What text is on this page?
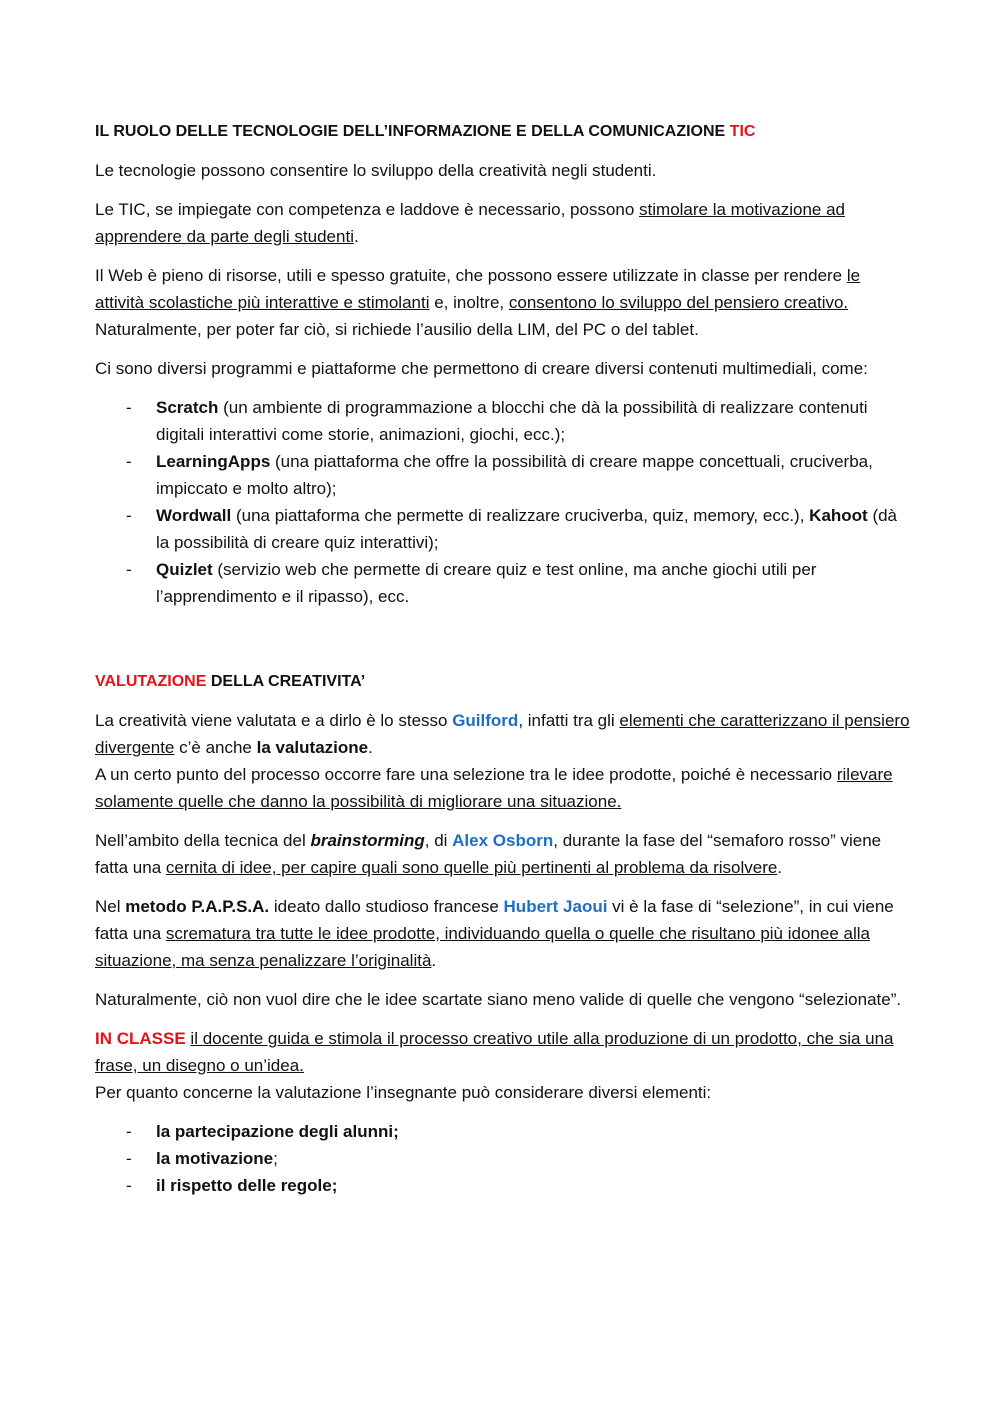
IL RUOLO DELLE TECNOLOGIE DELL’INFORMAZIONE E DELLA COMUNICAZIONE TIC

Le tecnologie possono consentire lo sviluppo della creatività negli studenti.

Le TIC, se impiegate con competenza e laddove è necessario, possono stimolare la motivazione ad apprendere da parte degli studenti.

Il Web è pieno di risorse, utili e spesso gratuite, che possono essere utilizzate in classe per rendere le attività scolastiche più interattive e stimolanti e, inoltre, consentono lo sviluppo del pensiero creativo.
Naturalmente, per poter far ciò, si richiede l’ausilio della LIM, del PC o del tablet.

Ci sono diversi programmi e piattaforme che permettono di creare diversi contenuti multimediali, come:

- Scratch (un ambiente di programmazione a blocchi che dà la possibilità di realizzare contenuti digitali interattivi come storie, animazioni, giochi, ecc.);
- LearningApps (una piattaforma che offre la possibilità di creare mappe concettuali, cruciverba, impiccato e molto altro);
- Wordwall (una piattaforma che permette di realizzare cruciverba, quiz, memory, ecc.), Kahoot (dà la possibilità di creare quiz interattivi);
- Quizlet (servizio web che permette di creare quiz e test online, ma anche giochi utili per l’apprendimento e il ripasso), ecc.

VALUTAZIONE DELLA CREATIVITA’

La creatività viene valutata e a dirlo è lo stesso Guilford, infatti tra gli elementi che caratterizzano il pensiero divergente c’è anche la valutazione.
A un certo punto del processo occorre fare una selezione tra le idee prodotte, poiché è necessario rilevare solamente quelle che danno la possibilità di migliorare una situazione.

Nell’ambito della tecnica del brainstorming, di Alex Osborn, durante la fase del “semaforo rosso” viene fatta una cernita di idee, per capire quali sono quelle più pertinenti al problema da risolvere.

Nel metodo P.A.P.S.A. ideato dallo studioso francese Hubert Jaoui vi è la fase di “selezione”, in cui viene fatta una scrematura tra tutte le idee prodotte, individuando quella o quelle che risultano più idonee alla situazione, ma senza penalizzare l’originalità.

Naturalmente, ciò non vuol dire che le idee scartate siano meno valide di quelle che vengono “selezionate”.

IN CLASSE il docente guida e stimola il processo creativo utile alla produzione di un prodotto, che sia una frase, un disegno o un’idea.
Per quanto concerne la valutazione l’insegnante può considerare diversi elementi:

- la partecipazione degli alunni;
- la motivazione;
- il rispetto delle regole;
